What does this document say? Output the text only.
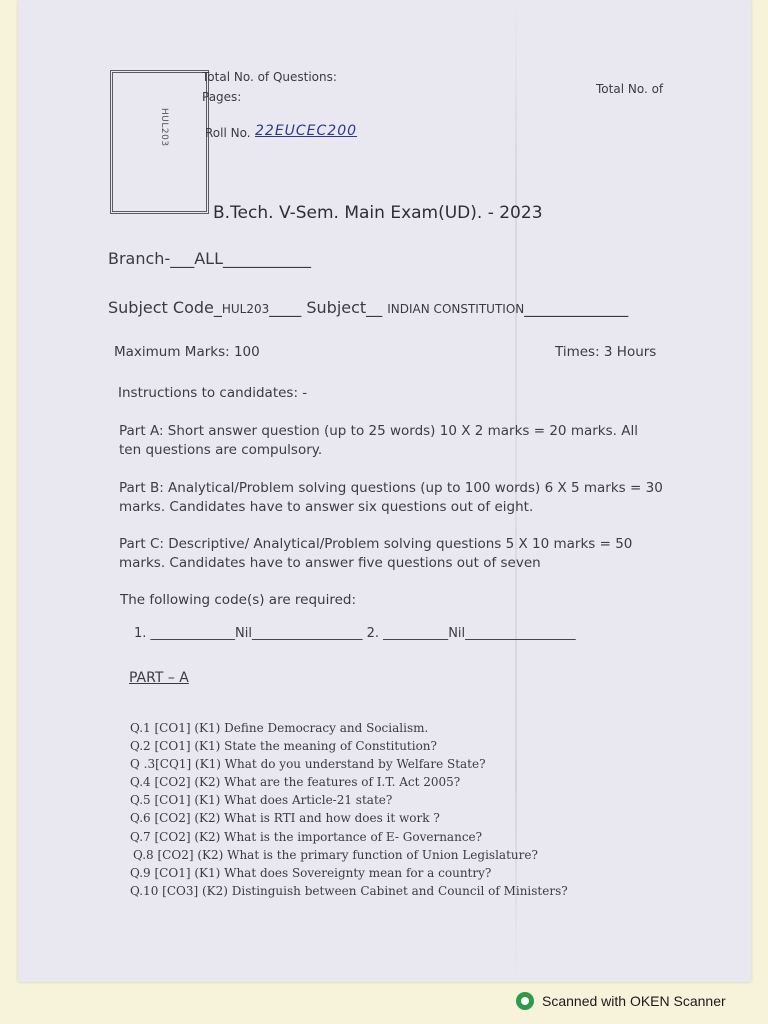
HUL203
Total No. of Questions:
Pages:
Total No. of
Roll No. 22EUCEC200
B.Tech. V-Sem. Main Exam(UD). - 2023
Branch-___ALL___________
Subject Code_HUL203____ Subject__ INDIAN CONSTITUTION_____________
Maximum Marks: 100	Times: 3 Hours
Instructions to candidates: -
Part A: Short answer question (up to 25 words) 10 X 2 marks = 20 marks. All ten questions are compulsory.
Part B: Analytical/Problem solving questions (up to 100 words) 6 X 5 marks = 30 marks. Candidates have to answer six questions out of eight.
Part C: Descriptive/ Analytical/Problem solving questions 5 X 10 marks = 50 marks. Candidates have to answer five questions out of seven
The following code(s) are required:
1. _____________Nil_________________ 2. __________Nil_________________
PART – A
Q.1 [CO1] (K1) Define Democracy and Socialism.
Q.2 [CO1] (K1) State the meaning of Constitution?
Q .3[CQ1] (K1) What do you understand by Welfare State?
Q.4 [CO2] (K2) What are the features of I.T. Act 2005?
Q.5 [CO1] (K1) What does Article-21 state?
Q.6 [CO2] (K2) What is RTI and how does it work ?
Q.7 [CO2] (K2) What is the importance of E- Governance?
Q.8 [CO2] (K2) What is the primary function of Union Legislature?
Q.9 [CO1] (K1) What does Sovereignty mean for a country?
Q.10 [CO3] (K2) Distinguish between Cabinet and Council of Ministers?
Scanned with OKEN Scanner
